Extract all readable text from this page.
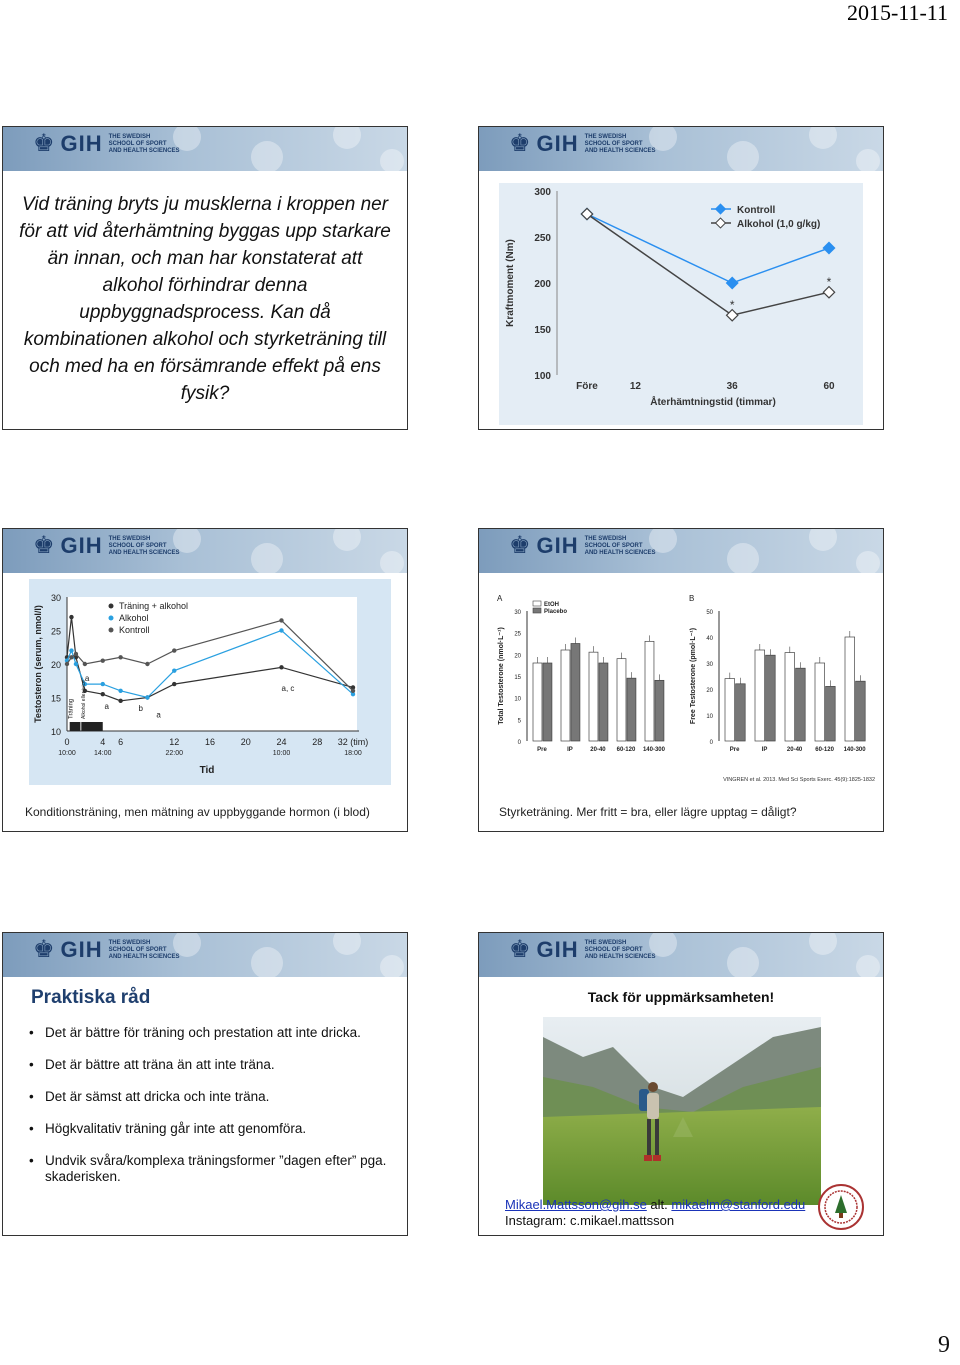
2015-11-11
♚ GIH THE SWEDISH
SCHOOL OF SPORT
AND HEALTH SCIENCES
Vid träning bryts ju musklerna i kroppen ner för att vid återhämtning byggas upp starkare än innan, och man har konstaterat att alkohol förhindrar denna uppbyggnadsprocess. Kan då kombinationen alkohol och styrketräning till och med ha en försämrande effekt på ens fysik?
♚ GIH THE SWEDISH
SCHOOL OF SPORT
AND HEALTH SCIENCES
300
250
200
150
100
Före	12	36	60
Återhämtningstid (timmar)
Kraftmoment (Nm)
Kontroll
Alkohol (1,0 g/kg)
*
*
♚ GIH THE SWEDISH
SCHOOL OF SPORT
AND HEALTH SCIENCES
30
25
20
15
10
0	4 6	12	16	20	24	28 32 (tim)
10:00	14:00	22:00	10:00	18:00
Tid
Testosteron (serum, nmol/l)	Träning + alkohol
Alkohol
Kontroll
a
a	b
a
a, c
Träning Alkohol eller juice
Konditionsträning, men mätning av uppbyggande hormon (i blod)
♚ GIH THE SWEDISH
SCHOOL OF SPORT
AND HEALTH SCIENCES
A
0
5
10
15
20
25
30
Total Testosterone (nmol·L⁻¹)
Pre	IP	20-40 60-120 140-300
EtOH
Placebo
B
0
10
20
30
40
50
Free Testosterone (pmol·L⁻¹)
Pre	IP	20-40 60-120 140-300
VINGREN et al. 2013. Med Sci Sports Exerc. 45(9):1825-1832
Styrketräning. Mer fritt = bra, eller lägre upptag = dåligt?
♚ GIH THE SWEDISH
SCHOOL OF SPORT
AND HEALTH SCIENCES
Praktiska råd
• Det är bättre för träning och prestation att inte dricka.
• Det är bättre att träna än att inte träna.
• Det är sämst att dricka och inte träna.
• Högkvalitativ träning går inte att genomföra.
• Undvik svåra/komplexa träningsformer ”dagen efter” pga. skaderisken.
♚ GIH THE SWEDISH
SCHOOL OF SPORT
AND HEALTH SCIENCES
Tack för uppmärksamheten!
Mikael.Mattsson@gih.se alt. mikaelm@stanford.edu
Instagram: c.mikael.mattsson
9
